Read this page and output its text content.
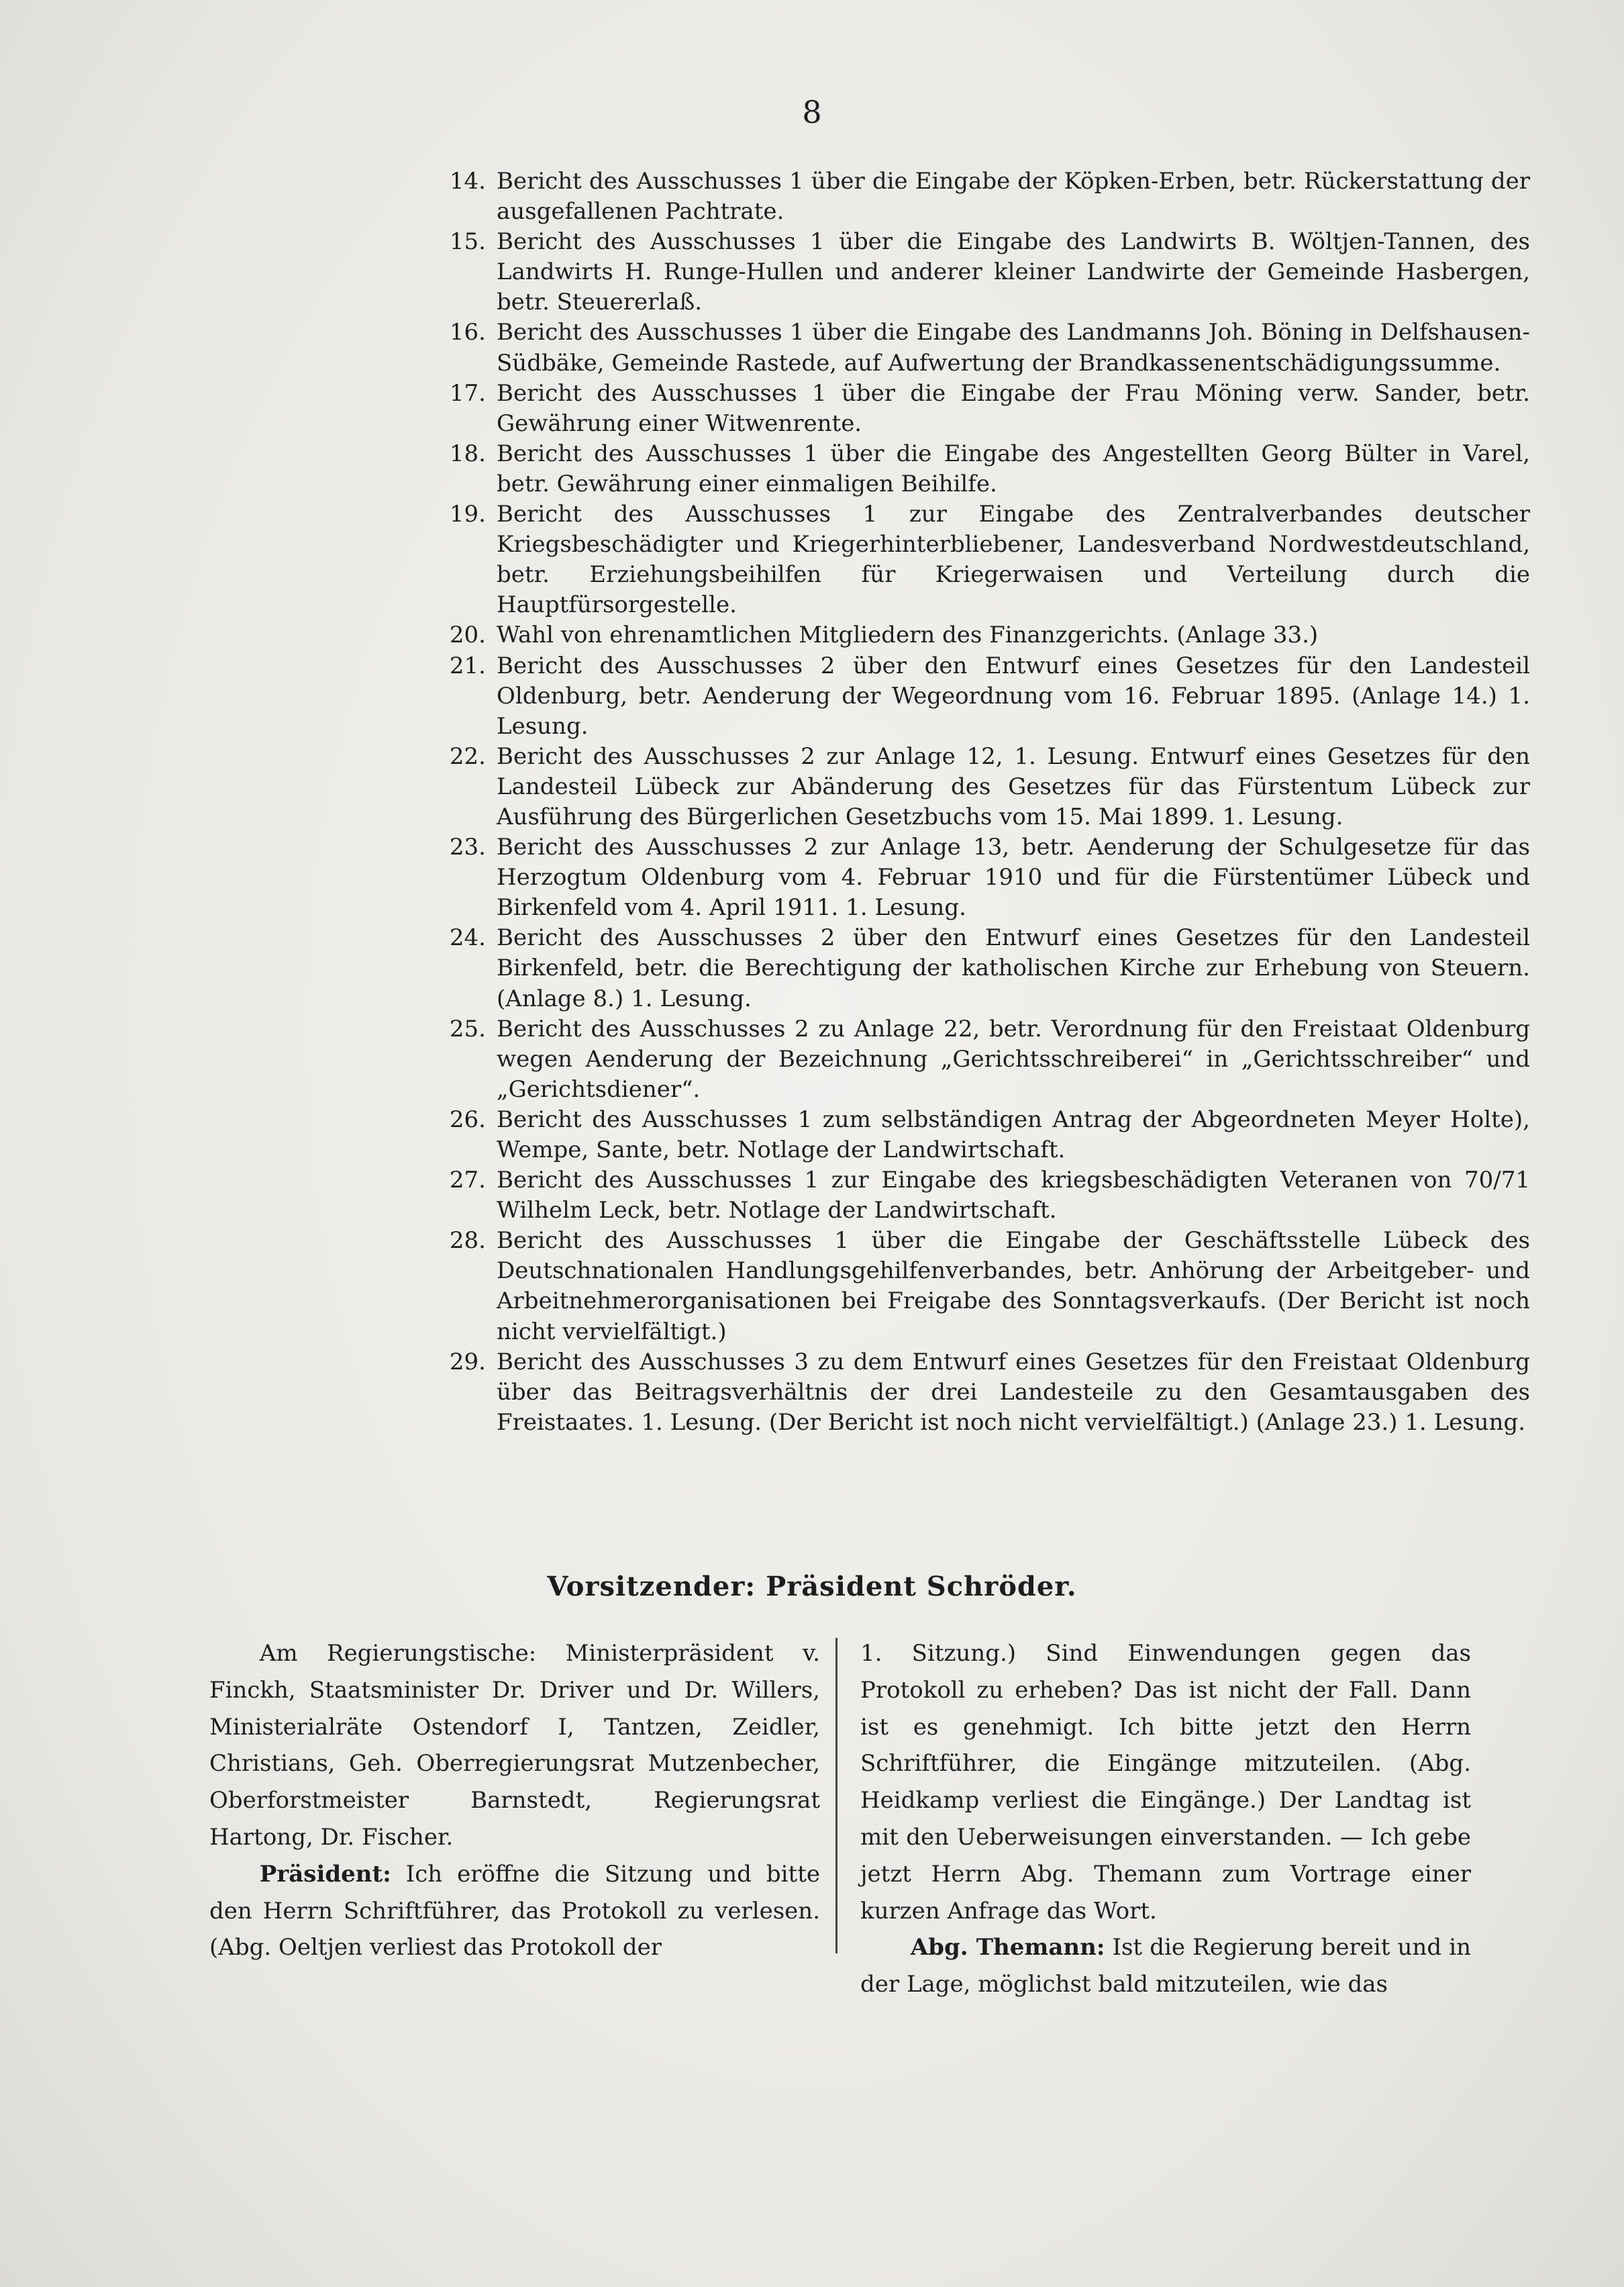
8
14. Bericht des Ausschusses 1 über die Eingabe der Köpken-Erben, betr. Rückerstattung der ausgefallenen Pachtrate.
15. Bericht des Ausschusses 1 über die Eingabe des Landwirts B. Wöltjen-Tannen, des Landwirts H. Runge-Hullen und anderer kleiner Landwirte der Gemeinde Hasbergen, betr. Steuererlaß.
16. Bericht des Ausschusses 1 über die Eingabe des Landmanns Joh. Böning in Delfshausen-Südbäke, Gemeinde Rastede, auf Aufwertung der Brandkassenentschädigungssumme.
17. Bericht des Ausschusses 1 über die Eingabe der Frau Möning verw. Sander, betr. Gewährung einer Witwenrente.
18. Bericht des Ausschusses 1 über die Eingabe des Angestellten Georg Bülter in Varel, betr. Gewährung einer einmaligen Beihilfe.
19. Bericht des Ausschusses 1 zur Eingabe des Zentralverbandes deutscher Kriegsbeschädigter und Kriegerhinterbliebener, Landesverband Nordwestdeutschland, betr. Erziehungsbeihilfen für Kriegerwaisen und Verteilung durch die Hauptfürsorgestelle.
20. Wahl von ehrenamtlichen Mitgliedern des Finanzgerichts. (Anlage 33.)
21. Bericht des Ausschusses 2 über den Entwurf eines Gesetzes für den Landesteil Oldenburg, betr. Aenderung der Wegeordnung vom 16. Februar 1895. (Anlage 14.) 1. Lesung.
22. Bericht des Ausschusses 2 zur Anlage 12, 1. Lesung. Entwurf eines Gesetzes für den Landesteil Lübeck zur Abänderung des Gesetzes für das Fürstentum Lübeck zur Ausführung des Bürgerlichen Gesetzbuchs vom 15. Mai 1899. 1. Lesung.
23. Bericht des Ausschusses 2 zur Anlage 13, betr. Aenderung der Schulgesetze für das Herzogtum Oldenburg vom 4. Februar 1910 und für die Fürstentümer Lübeck und Birkenfeld vom 4. April 1911. 1. Lesung.
24. Bericht des Ausschusses 2 über den Entwurf eines Gesetzes für den Landesteil Birkenfeld, betr. die Berechtigung der katholischen Kirche zur Erhebung von Steuern. (Anlage 8.) 1. Lesung.
25. Bericht des Ausschusses 2 zu Anlage 22, betr. Verordnung für den Freistaat Oldenburg wegen Aenderung der Bezeichnung „Gerichtsschreiberei“ in „Gerichtsschreiber“ und „Gerichtsdiener“.
26. Bericht des Ausschusses 1 zum selbständigen Antrag der Abgeordneten Meyer Holte), Wempe, Sante, betr. Notlage der Landwirtschaft.
27. Bericht des Ausschusses 1 zur Eingabe des kriegsbeschädigten Veteranen von 70/71 Wilhelm Leck, betr. Notlage der Landwirtschaft.
28. Bericht des Ausschusses 1 über die Eingabe der Geschäftsstelle Lübeck des Deutschnationalen Handlungsgehilfenverbandes, betr. Anhörung der Arbeitgeber- und Arbeitnehmerorganisationen bei Freigabe des Sonntagsverkaufs. (Der Bericht ist noch nicht vervielfältigt.)
29. Bericht des Ausschusses 3 zu dem Entwurf eines Gesetzes für den Freistaat Oldenburg über das Beitragsverhältnis der drei Landesteile zu den Gesamtausgaben des Freistaates. 1. Lesung. (Der Bericht ist noch nicht vervielfältigt.) (Anlage 23.) 1. Lesung.
Vorsitzender: Präsident Schröder.

Am Regierungstische: Ministerpräsident v. Finckh, Staatsminister Dr. Driver und Dr. Willers, Ministerialräte Ostendorf I, Tantzen, Zeidler, Christians, Geh. Oberregierungsrat Mutzenbecher, Oberforstmeister Barnstedt, Regierungsrat Hartong, Dr. Fischer.

Präsident: Ich eröffne die Sitzung und bitte den Herrn Schriftführer, das Protokoll zu verlesen. (Abg. Oeltjen verliest das Protokoll der

1. Sitzung.) Sind Einwendungen gegen das Protokoll zu erheben? Das ist nicht der Fall. Dann ist es genehmigt. Ich bitte jetzt den Herrn Schriftführer, die Eingänge mitzuteilen. (Abg. Heidkamp verliest die Eingänge.) Der Landtag ist mit den Ueberweisungen einverstanden. — Ich gebe jetzt Herrn Abg. Themann zum Vortrage einer kurzen Anfrage das Wort.

Abg. Themann: Ist die Regierung bereit und in der Lage, möglichst bald mitzuteilen, wie das
